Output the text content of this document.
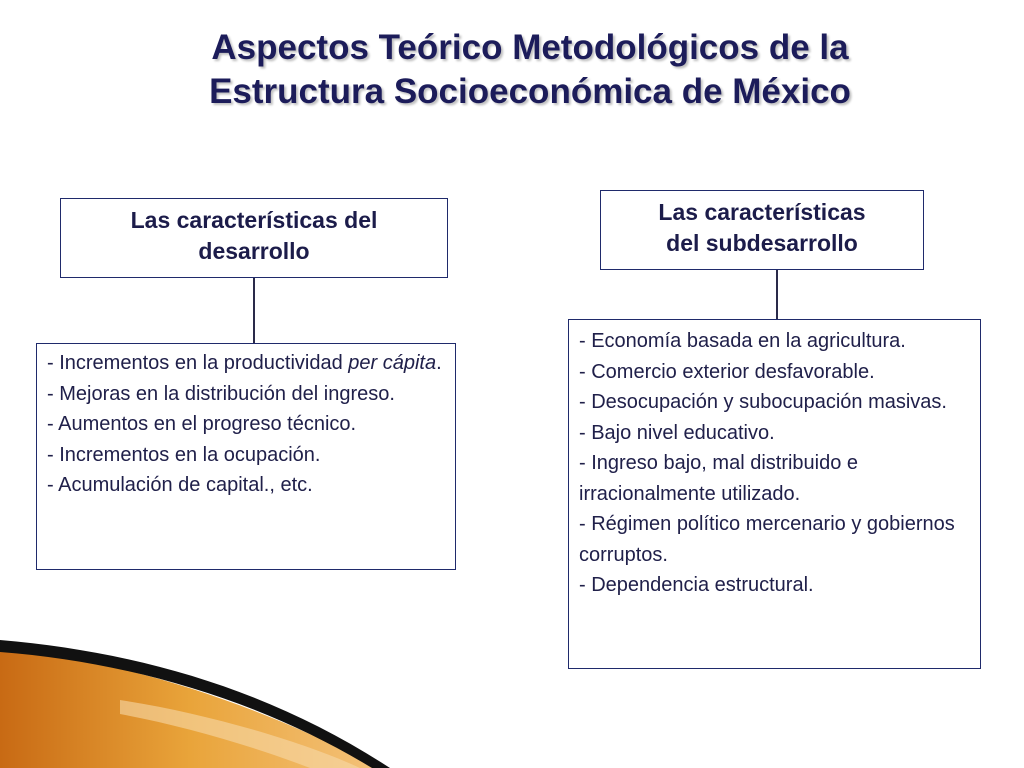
Aspectos Teórico Metodológicos de la
Estructura Socioeconómica de México
Las características del
desarrollo

- Incrementos en la productividad per cápita.

- Mejoras en la distribución del ingreso.

- Aumentos en el progreso técnico.

- Incrementos en la ocupación.

- Acumulación de capital., etc.

Las características
del subdesarrollo

- Economía basada en la agricultura.

- Comercio exterior desfavorable.

- Desocupación y subocupación masivas.

- Bajo nivel educativo.

- Ingreso bajo, mal distribuido e irracionalmente utilizado.

- Régimen político mercenario y gobiernos corruptos.

- Dependencia estructural.
